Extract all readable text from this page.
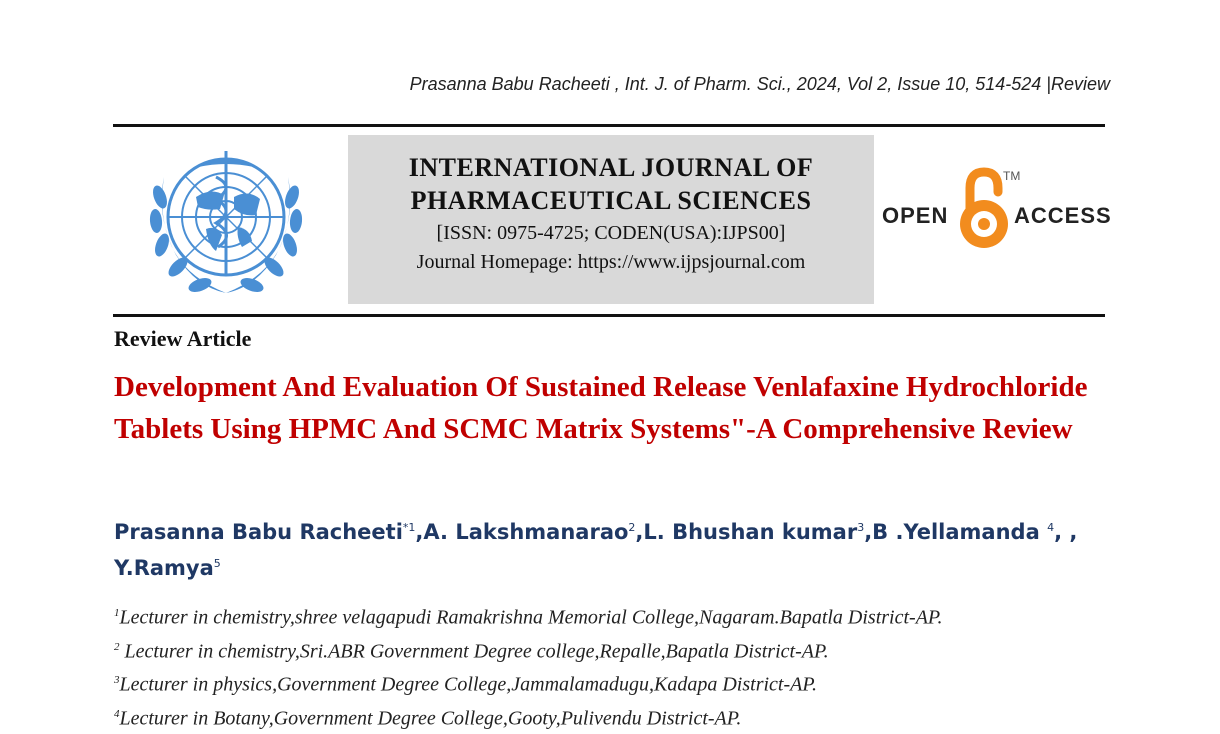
Prasanna Babu Racheeti , Int. J. of Pharm. Sci., 2024, Vol 2, Issue 10, 514-524 |Review
INTERNATIONAL JOURNAL OF
PHARMACEUTICAL SCIENCES
[ISSN: 0975-4725; CODEN(USA):IJPS00]
Journal Homepage: https://www.ijpsjournal.com
OPEN
TM
ACCESS
Review Article
Development And Evaluation Of Sustained Release Venlafaxine Hydrochloride Tablets Using HPMC And SCMC Matrix Systems"-A Comprehensive Review
Prasanna Babu Racheeti$^{*1}$,A. Lakshmanarao$^2$,L. Bhushan kumar$^3$,B .Yellamanda $^4$, , Y.Ramya$^5$
$^1$Lecturer in chemistry,shree velagapudi Ramakrishna Memorial College,Nagaram.Bapatla District-AP.
$^2$ Lecturer in chemistry,Sri.ABR Government Degree college,Repalle,Bapatla District-AP.
$^3$Lecturer in physics,Government Degree College,Jammalamadugu,Kadapa District-AP.
$^4$Lecturer in Botany,Government Degree College,Gooty,Pulivendu District-AP.
